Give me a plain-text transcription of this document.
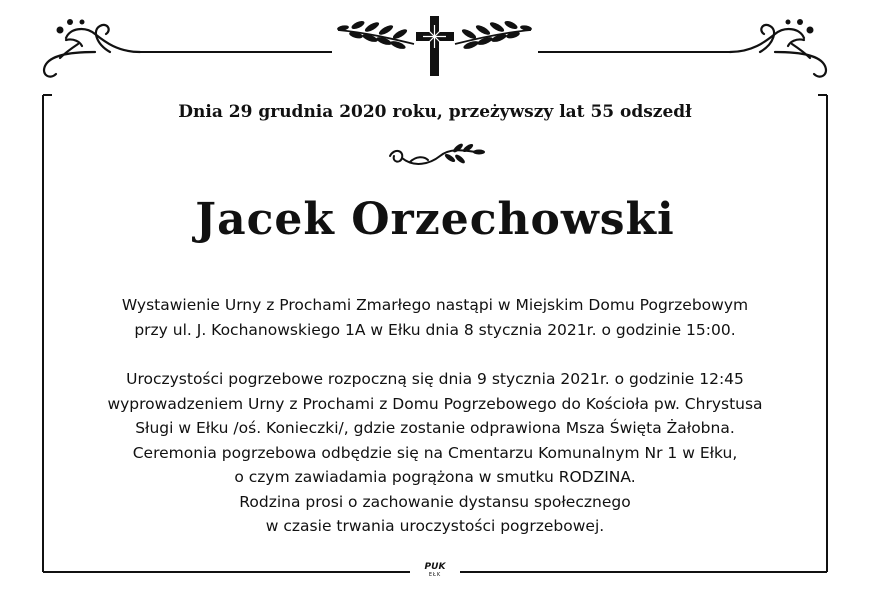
Dnia 29 grudnia 2020 roku, przeżywszy lat 55 odszedł
Jacek Orzechowski
Wystawienie Urny z Prochami Zmarłego nastąpi w Miejskim Domu Pogrzebowym
przy ul. J. Kochanowskiego 1A w Ełku dnia 8 stycznia 2021r. o godzinie 15:00.
Uroczystości pogrzebowe rozpoczną się dnia 9 stycznia 2021r. o godzinie 12:45
wyprowadzeniem Urny z Prochami z Domu Pogrzebowego do Kościoła pw. Chrystusa
Sługi w Ełku /oś. Konieczki/, gdzie zostanie odprawiona Msza Święta Żałobna.
Ceremonia pogrzebowa odbędzie się na Cmentarzu Komunalnym Nr 1 w Ełku,
o czym zawiadamia pogrążona w smutku RODZINA.
Rodzina prosi o zachowanie dystansu społecznego
w czasie trwania uroczystości pogrzebowej.
PUK
EŁK
